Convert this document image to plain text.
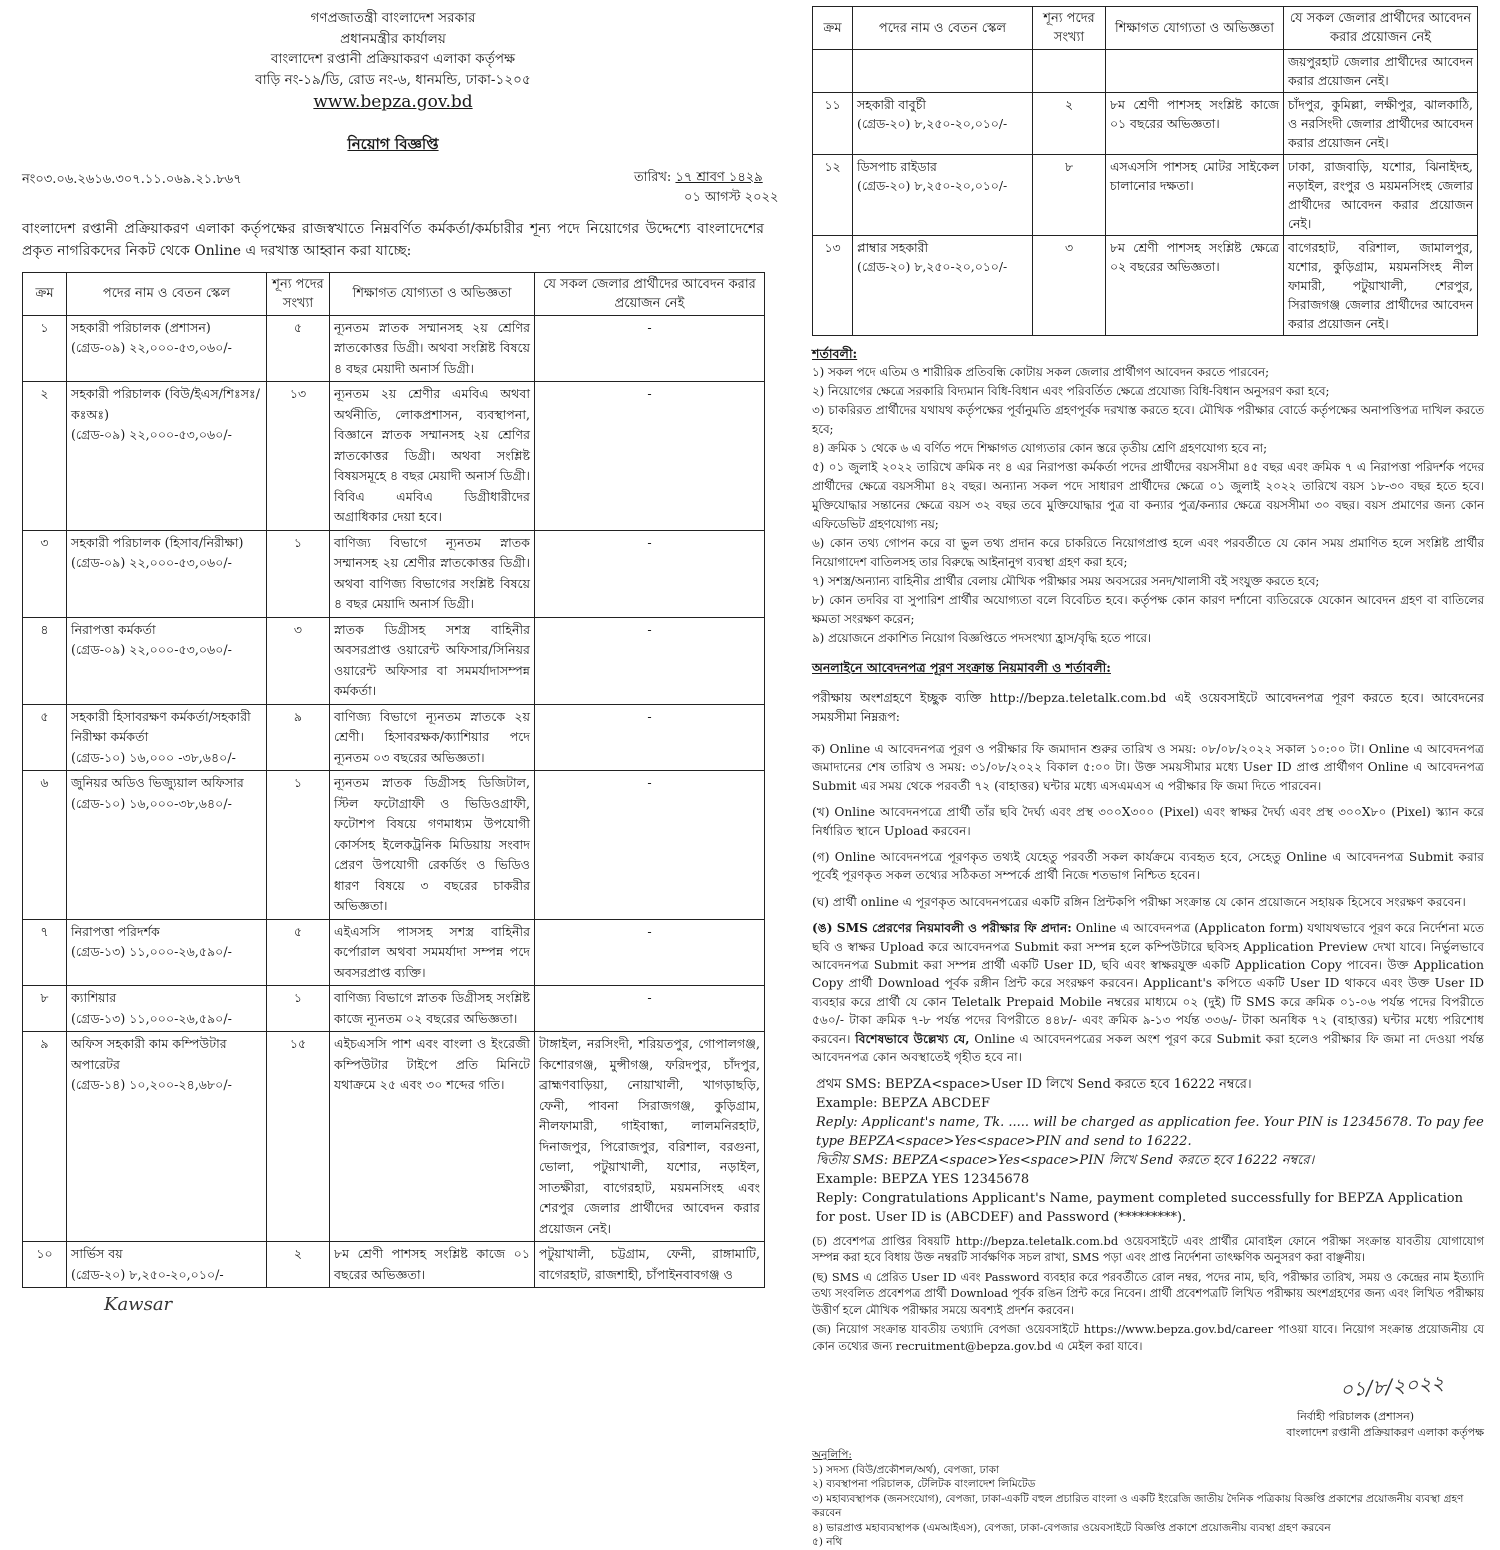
গণপ্রজাতন্ত্রী বাংলাদেশ সরকার
প্রধানমন্ত্রীর কার্যালয়
বাংলাদেশ রপ্তানী প্রক্রিয়াকরণ এলাকা কর্তৃপক্ষ
বাড়ি নং-১৯/ডি, রোড নং-৬, ধানমন্ডি, ঢাকা-১২০৫
www.bepza.gov.bd
নিয়োগ বিজ্ঞপ্তি
নং০৩.০৬.২৬১৬.৩০৭.১১.০৬৯.২১.৮৬৭	তারিখ: ১৭ শ্রাবণ ১৪২৯
০১ আগস্ট ২০২২
বাংলাদেশ রপ্তানী প্রক্রিয়াকরণ এলাকা কর্তৃপক্ষের রাজস্বখাতে নিম্নবর্ণিত কর্মকর্তা/কর্মচারীর শূন্য পদে নিয়োগের উদ্দেশ্যে বাংলাদেশের প্রকৃত নাগরিকদের নিকট থেকে Online এ দরখাস্ত আহ্বান করা যাচ্ছে:
ক্রম	পদের নাম ও বেতন স্কেল	শূন্য পদের সংখ্যা	শিক্ষাগত যোগ্যতা ও অভিজ্ঞতা	যে সকল জেলার প্রার্থীদের আবেদন করার প্রয়োজন নেই
১	সহকারী পরিচালক (প্রশাসন)
(গ্রেড-০৯) ২২,০০০-৫৩,০৬০/-	৫	ন্যূনতম স্নাতক সম্মানসহ ২য় শ্রেণির স্নাতকোত্তর ডিগ্রী। অথবা সংশ্লিষ্ট বিষয়ে ৪ বছর মেয়াদী অনার্স ডিগ্রী।	-
২	সহকারী পরিচালক (বিউ/ইএস/শিঃসঃ/কঃঅঃ)
(গ্রেড-০৯) ২২,০০০-৫৩,০৬০/-	১৩	ন্যূনতম ২য় শ্রেণীর এমবিএ অথবা অর্থনীতি, লোকপ্রশাসন, ব্যবস্থাপনা, বিজ্ঞানে স্নাতক সম্মানসহ ২য় শ্রেণির স্নাতকোত্তর ডিগ্রী। অথবা সংশ্লিষ্ট বিষয়সমূহে ৪ বছর মেয়াদী অনার্স ডিগ্রী। বিবিএ এমবিএ ডিগ্রীধারীদের অগ্রাধিকার দেয়া হবে।	-
৩	সহকারী পরিচালক (হিসাব/নিরীক্ষা)
(গ্রেড-০৯) ২২,০০০-৫৩,০৬০/-	১	বাণিজ্য বিভাগে ন্যূনতম স্নাতক সম্মানসহ ২য় শ্রেণীর স্নাতকোত্তর ডিগ্রী। অথবা বাণিজ্য বিভাগের সংশ্লিষ্ট বিষয়ে ৪ বছর মেয়াদি অনার্স ডিগ্রী।	-
৪	নিরাপত্তা কর্মকর্তা
(গ্রেড-০৯) ২২,০০০-৫৩,০৬০/-	৩	স্নাতক ডিগ্রীসহ সশস্ত্র বাহিনীর অবসরপ্রাপ্ত ওয়ারেন্ট অফিসার/সিনিয়র ওয়ারেন্ট অফিসার বা সমমর্যাদাসম্পন্ন কর্মকর্তা।	-
৫	সহকারী হিসাবরক্ষণ কর্মকর্তা/সহকারী নিরীক্ষা কর্মকর্তা
(গ্রেড-১০) ১৬,০০০ -৩৮,৬৪০/-	৯	বাণিজ্য বিভাগে ন্যূনতম স্নাতকে ২য় শ্রেণী। হিসাবরক্ষক/ক্যাশিয়ার পদে ন্যূনতম ০৩ বছরের অভিজ্ঞতা।	-
৬	জুনিয়র অডিও ভিজ্যুয়াল অফিসার
(গ্রেড-১০) ১৬,০০০-৩৮,৬৪০/-	১	ন্যূনতম স্নাতক ডিগ্রীসহ ডিজিটাল, স্টিল ফটোগ্রাফী ও ভিডিওগ্রাফী, ফটোশপ বিষয়ে গণমাধ্যম উপযোগী কোর্সসহ ইলেকট্রনিক মিডিয়ায় সংবাদ প্রেরণ উপযোগী রেকর্ডিং ও ভিডিও ধারণ বিষয়ে ৩ বছরের চাকরীর অভিজ্ঞতা।	-
৭	নিরাপত্তা পরিদর্শক
(গ্রেড-১৩) ১১,০০০-২৬,৫৯০/-	৫	এইএসসি পাসসহ সশস্ত্র বাহিনীর কর্পোরাল অথবা সমমর্যাদা সম্পন্ন পদে অবসরপ্রাপ্ত ব্যক্তি।	-
৮	ক্যাশিয়ার
(গ্রেড-১৩) ১১,০০০-২৬,৫৯০/-	১	বাণিজ্য বিভাগে স্নাতক ডিগ্রীসহ সংশ্লিষ্ট কাজে ন্যূনতম ০২ বছরের অভিজ্ঞতা।	-
৯	অফিস সহকারী কাম কম্পিউটার অপারেটর
(গ্রেড-১৪) ১০,২০০-২৪,৬৮০/-	১৫	এইচএসসি পাশ এবং বাংলা ও ইংরেজী কম্পিউটার টাইপে প্রতি মিনিটে যথাক্রমে ২৫ এবং ৩০ শব্দের গতি।	টাঙ্গাইল, নরসিংদী, শরিয়তপুর, গোপালগঞ্জ, কিশোরগঞ্জ, মুন্সীগঞ্জ, ফরিদপুর, চাঁদপুর, ব্রাহ্মণবাড়িয়া, নোয়াখালী, খাগড়াছড়ি, ফেনী, পাবনা সিরাজগঞ্জ, কুড়িগ্রাম, নীলফামারী, গাইবান্ধা, লালমনিরহাট, দিনাজপুর, পিরোজপুর, বরিশাল, বরগুনা, ভোলা, পটুয়াখালী, যশোর, নড়াইল, সাতক্ষীরা, বাগেরহাট, ময়মনসিংহ এবং শেরপুর জেলার প্রার্থীদের আবেদন করার প্রয়োজন নেই।
১০	সার্ভিস বয়
(গ্রেড-২০) ৮,২৫০-২০,০১০/-	২	৮ম শ্রেণী পাশসহ সংশ্লিষ্ট কাজে ০১ বছরের অভিজ্ঞতা।	পটুয়াখালী, চট্টগ্রাম, ফেনী, রাঙ্গামাটি, বাগেরহাট, রাজশাহী, চাঁপাইনবাবগঞ্জ ও
Kawsar
ক্রম	পদের নাম ও বেতন স্কেল	শূন্য পদের সংখ্যা	শিক্ষাগত যোগ্যতা ও অভিজ্ঞতা	যে সকল জেলার প্রার্থীদের আবেদন করার প্রয়োজন নেই
				জয়পুরহাট জেলার প্রার্থীদের আবেদন করার প্রয়োজন নেই।
১১	সহকারী বাবুর্চী
(গ্রেড-২০) ৮,২৫০-২০,০১০/-	২	৮ম শ্রেণী পাশসহ সংশ্লিষ্ট কাজে ০১ বছরের অভিজ্ঞতা।	চাঁদপুর, কুমিল্লা, লক্ষীপুর, ঝালকাঠি, ও নরসিংদী জেলার প্রার্থীদের আবেদন করার প্রয়োজন নেই।
১২	ডিসপাচ রাইডার
(গ্রেড-২০) ৮,২৫০-২০,০১০/-	৮	এসএসসি পাশসহ মোটর সাইকেল চালানোর দক্ষতা।	ঢাকা, রাজবাড়ি, যশোর, ঝিনাইদহ, নড়াইল, রংপুর ও ময়মনসিংহ জেলার প্রার্থীদের আবেদন করার প্রয়োজন নেই।
১৩	প্লাম্বার সহকারী
(গ্রেড-২০) ৮,২৫০-২০,০১০/-	৩	৮ম শ্রেণী পাশসহ সংশ্লিষ্ট ক্ষেত্রে ০২ বছরের অভিজ্ঞতা।	বাগেরহাট, বরিশাল, জামালপুর, যশোর, কুড়িগ্রাম, ময়মনসিংহ নীল ফামারী, পটুয়াখালী, শেরপুর, সিরাজগঞ্জ জেলার প্রার্থীদের আবেদন করার প্রয়োজন নেই।
শর্তাবলী:
১) সকল পদে এতিম ও শারীরিক প্রতিবন্ধি কোটায় সকল জেলার প্রার্থীগণ আবেদন করতে পারবেন;
২) নিয়োগের ক্ষেত্রে সরকারি বিদ্যমান বিধি-বিধান এবং পরিবর্তিত ক্ষেত্রে প্রযোজ্য বিধি-বিধান অনুসরণ করা হবে;
৩) চাকরিরত প্রার্থীদের যথাযথ কর্তৃপক্ষের পূর্বানুমতি গ্রহণপূর্বক দরখাস্ত করতে হবে। মৌখিক পরীক্ষার বোর্ডে কর্তৃপক্ষের অনাপত্তিপত্র দাখিল করতে হবে;
৪) ক্রমিক ১ থেকে ৬ এ বর্ণিত পদে শিক্ষাগত যোগ্যতার কোন স্তরে তৃতীয় শ্রেণি গ্রহণযোগ্য হবে না;
৫) ০১ জুলাই ২০২২ তারিখে ক্রমিক নং ৪ এর নিরাপত্তা কর্মকর্তা পদের প্রার্থীদের বয়সসীমা ৪৫ বছর এবং ক্রমিক ৭ এ নিরাপত্তা পরিদর্শক পদের প্রার্থীদের ক্ষেত্রে বয়সসীমা ৪২ বছর। অন্যান্য সকল পদে সাধারণ প্রার্থীদের ক্ষেত্রে ০১ জুলাই ২০২২ তারিখে বয়স ১৮-৩০ বছর হতে হবে। মুক্তিযোদ্ধার সন্তানের ক্ষেত্রে বয়স ৩২ বছর তবে মুক্তিযোদ্ধার পুত্র বা কন্যার পুত্র/কন্যার ক্ষেত্রে বয়সসীমা ৩০ বছর। বয়স প্রমাণের জন্য কোন এফিডেভিট গ্রহণযোগ্য নয়;
৬) কোন তথ্য গোপন করে বা ভুল তথ্য প্রদান করে চাকরিতে নিয়োগপ্রাপ্ত হলে এবং পরবর্তীতে যে কোন সময় প্রমাণিত হলে সংশ্লিষ্ট প্রার্থীর নিয়োগাদেশ বাতিলসহ তার বিরুদ্ধে আইনানুগ ব্যবস্থা গ্রহণ করা হবে;
৭) সশস্ত্র/অন্যান্য বাহিনীর প্রার্থীর বেলায় মৌখিক পরীক্ষার সময় অবসরের সনদ/খালাসী বই সংযুক্ত করতে হবে;
৮) কোন তদবির বা সুপারিশ প্রার্থীর অযোগ্যতা বলে বিবেচিত হবে। কর্তৃপক্ষ কোন কারণ দর্শানো ব্যতিরেকে যেকোন আবেদন গ্রহণ বা বাতিলের ক্ষমতা সংরক্ষণ করেন;
৯) প্রয়োজনে প্রকাশিত নিয়োগ বিজ্ঞপ্তিতে পদসংখ্যা হ্রাস/বৃদ্ধি হতে পারে।
অনলাইনে আবেদনপত্র পূরণ সংক্রান্ত নিয়মাবলী ও শর্তাবলী:
পরীক্ষায় অংশগ্রহণে ইচ্ছুক ব্যক্তি http://bepza.teletalk.com.bd এই ওয়েবসাইটে আবেদনপত্র পূরণ করতে হবে। আবেদনের সময়সীমা নিম্নরূপ:
ক) Online এ আবেদনপত্র পূরণ ও পরীক্ষার ফি জমাদান শুরুর তারিখ ও সময়: ০৮/০৮/২০২২ সকাল ১০:০০ টা। Online এ আবেদনপত্র জমাদানের শেষ তারিখ ও সময়: ৩১/০৮/২০২২ বিকাল ৫:০০ টা। উক্ত সময়সীমার মধ্যে User ID প্রাপ্ত প্রার্থীগণ Online এ আবেদনপত্র Submit এর সময় থেকে পরবর্তী ৭২ (বাহাত্তর) ঘন্টার মধ্যে এসএমএস এ পরীক্ষার ফি জমা দিতে পারবেন।
(খ) Online আবেদনপত্রে প্রার্থী তাঁর ছবি দৈর্ঘ্য এবং প্রস্থ ৩০০X৩০০ (Pixel) এবং স্বাক্ষর দৈর্ঘ্য এবং প্রস্থ ৩০০X৮০ (Pixel) স্ক্যান করে নির্ধারিত স্থানে Upload করবেন।
(গ) Online আবেদনপত্রে পূরণকৃত তথ্যই যেহেতু পরবর্তী সকল কার্যক্রমে ব্যবহৃত হবে, সেহেতু Online এ আবেদনপত্র Submit করার পূর্বেই পূরণকৃত সকল তথ্যের সঠিকতা সম্পর্কে প্রার্থী নিজে শতভাগ নিশ্চিত হবেন।
(ঘ) প্রার্থী online এ পূরণকৃত আবেদনপত্রের একটি রঙ্গিন প্রিন্টকপি পরীক্ষা সংক্রান্ত যে কোন প্রয়োজনে সহায়ক হিসেবে সংরক্ষণ করবেন।
(ঙ) SMS প্রেরণের নিয়মাবলী ও পরীক্ষার ফি প্রদান: Online এ আবেদনপত্র (Applicaton form) যথাযথভাবে পূরণ করে নির্দেশনা মতে ছবি ও স্বাক্ষর Upload করে আবেদনপত্র Submit করা সম্পন্ন হলে কম্পিউটারে ছবিসহ Application Preview দেখা যাবে। নির্ভুলভাবে আবেদনপত্র Submit করা সম্পন্ন প্রার্থী একটি User ID, ছবি এবং স্বাক্ষরযুক্ত একটি Application Copy পাবেন। উক্ত Application Copy প্রার্থী Download পূর্বক রঙ্গীন প্রিন্ট করে সংরক্ষণ করবেন। Applicant's কপিতে একটি User ID থাকবে এবং উক্ত User ID ব্যবহার করে প্রার্থী যে কোন Teletalk Prepaid Mobile নম্বরের মাধ্যমে ০২ (দুই) টি SMS করে ক্রমিক ০১-০৬ পর্যন্ত পদের বিপরীতে ৫৬০/- টাকা ক্রমিক ৭-৮ পর্যন্ত পদের বিপরীতে ৪৪৮/- এবং ক্রমিক ৯-১৩ পর্যন্ত ৩৩৬/- টাকা অনধিক ৭২ (বাহাত্তর) ঘন্টার মধ্যে পরিশোধ করবেন। বিশেষভাবে উল্লেখ্য যে, Online এ আবেদনপত্রের সকল অংশ পূরণ করে Submit করা হলেও পরীক্ষার ফি জমা না দেওয়া পর্যন্ত আবেদনপত্র কোন অবস্থাতেই গৃহীত হবে না।
প্রথম SMS: BEPZA<space>User ID লিখে Send করতে হবে 16222 নম্বরে।
Example: BEPZA ABCDEF
Reply: Applicant's name, Tk. ..... will be charged as application fee. Your PIN is 12345678. To pay fee type BEPZA<space>Yes<space>PIN and send to 16222.
দ্বিতীয় SMS: BEPZA<space>Yes<space>PIN লিখে Send করতে হবে 16222 নম্বরে।
Example: BEPZA YES 12345678
Reply: Congratulations Applicant's Name, payment completed successfully for BEPZA Application for post. User ID is (ABCDEF) and Password (*********).
(চ) প্রবেশপত্র প্রাপ্তির বিষয়টি http://bepza.teletalk.com.bd ওয়েবসাইটে এবং প্রার্থীর মোবাইল ফোনে পরীক্ষা সংক্রান্ত যাবতীয় যোগাযোগ সম্পন্ন করা হবে বিধায় উক্ত নম্বরটি সার্বক্ষণিক সচল রাখা, SMS পড়া এবং প্রাপ্ত নির্দেশনা তাৎক্ষণিক অনুসরণ করা বাঞ্ছনীয়।
(ছ) SMS এ প্রেরিত User ID এবং Password ব্যবহার করে পরবর্তীতে রোল নম্বর, পদের নাম, ছবি, পরীক্ষার তারিখ, সময় ও কেন্দ্রের নাম ইত্যাদি তথ্য সংবলিত প্রবেশপত্র প্রার্থী Download পূর্বক রঙিন প্রিন্ট করে নিবেন। প্রার্থী প্রবেশপত্রটি লিখিত পরীক্ষায় অংশগ্রহণের জন্য এবং লিখিত পরীক্ষায় উত্তীর্ণ হলে মৌখিক পরীক্ষার সময়ে অবশ্যই প্রদর্শন করবেন।
(জ) নিয়োগ সংক্রান্ত যাবতীয় তথ্যাদি বেপজা ওয়েবসাইটে https://www.bepza.gov.bd/career পাওয়া যাবে। নিয়োগ সংক্রান্ত প্রয়োজনীয় যে কোন তথ্যের জন্য recruitment@bepza.gov.bd এ মেইল করা যাবে।
০১/৮/২০২২
নির্বাহী পরিচালক (প্রশাসন)
বাংলাদেশ রপ্তানী প্রক্রিয়াকরণ এলাকা কর্তৃপক্ষ
অনুলিপি:
১) সদস্য (বিউ/প্রকৌশল/অর্থ), বেপজা, ঢাকা
২) ব্যবস্থাপনা পরিচালক, টেলিটক বাংলাদেশ লিমিটেড
৩) মহাব্যবস্থাপক (জনসংযোগ), বেপজা, ঢাকা-একটি বহুল প্রচারিত বাংলা ও একটি ইংরেজি জাতীয় দৈনিক পত্রিকায় বিজ্ঞপ্তি প্রকাশের প্রয়োজনীয় ব্যবস্থা গ্রহণ করবেন
৪) ভারপ্রাপ্ত মহাব্যবস্থাপক (এমআইএস), বেপজা, ঢাকা-বেপজার ওয়েবসাইটে বিজ্ঞপ্তি প্রকাশে প্রয়োজনীয় ব্যবস্থা গ্রহণ করবেন
৫) নথি
